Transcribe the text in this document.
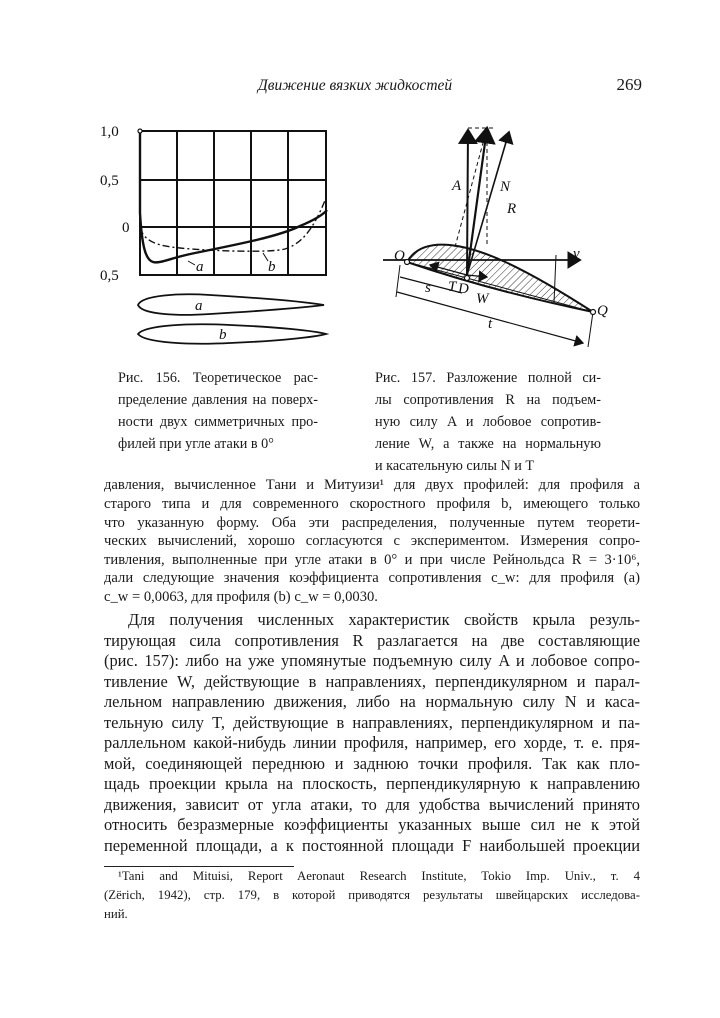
Движение вязких жидкостей	269
1,0
0,5
0
0,5
a	b
a
b
O
A	N
R
v
s T D
W
t
Q
Рис. 156. Теоретическое рас-
пределение давления на поверх-
ности двух симметричных про-
филей при угле атаки в 0°
Рис. 157. Разложение полной си-
лы сопротивления R на подъем-
ную силу A и лобовое сопротив-
ление W, а также на нормальную
и касательную силы N и T
давления, вычисленное Тани и Митуизи¹ для двух профилей: для профиля a
старого типа и для современного скоростного профиля b, имеющего только
что указанную форму. Оба эти распределения, полученные путем теорети-
ческих вычислений, хорошо согласуются с экспериментом. Измерения сопро-
тивления, выполненные при угле атаки в 0° и при числе Рейнольдса R = 3·10⁶,
дали следующие значения коэффициента сопротивления c_w: для профиля (a)
c_w = 0,0063, для профиля (b) c_w = 0,0030.
Для получения численных характеристик свойств крыла резуль-
тирующая сила сопротивления R разлагается на две составляющие
(рис. 157): либо на уже упомянутые подъемную силу A и лобовое сопро-
тивление W, действующие в направлениях, перпендикулярном и парал-
лельном направлению движения, либо на нормальную силу N и каса-
тельную силу T, действующие в направлениях, перпендикулярном и па-
раллельном какой-нибудь линии профиля, например, его хорде, т. е. пря-
мой, соединяющей переднюю и заднюю точки профиля. Так как пло-
щадь проекции крыла на плоскость, перпендикулярную к направлению
движения, зависит от угла атаки, то для удобства вычислений принято
относить безразмерные коэффициенты указанных выше сил не к этой
переменной площади, а к постоянной площади F наибольшей проекции
¹Tani and Mituisi, Report Aeronaut Research Institute, Tokio Imp. Univ., т. 4
(Zërich, 1942), стр. 179, в которой приводятся результаты швейцарских исследова-
ний.
